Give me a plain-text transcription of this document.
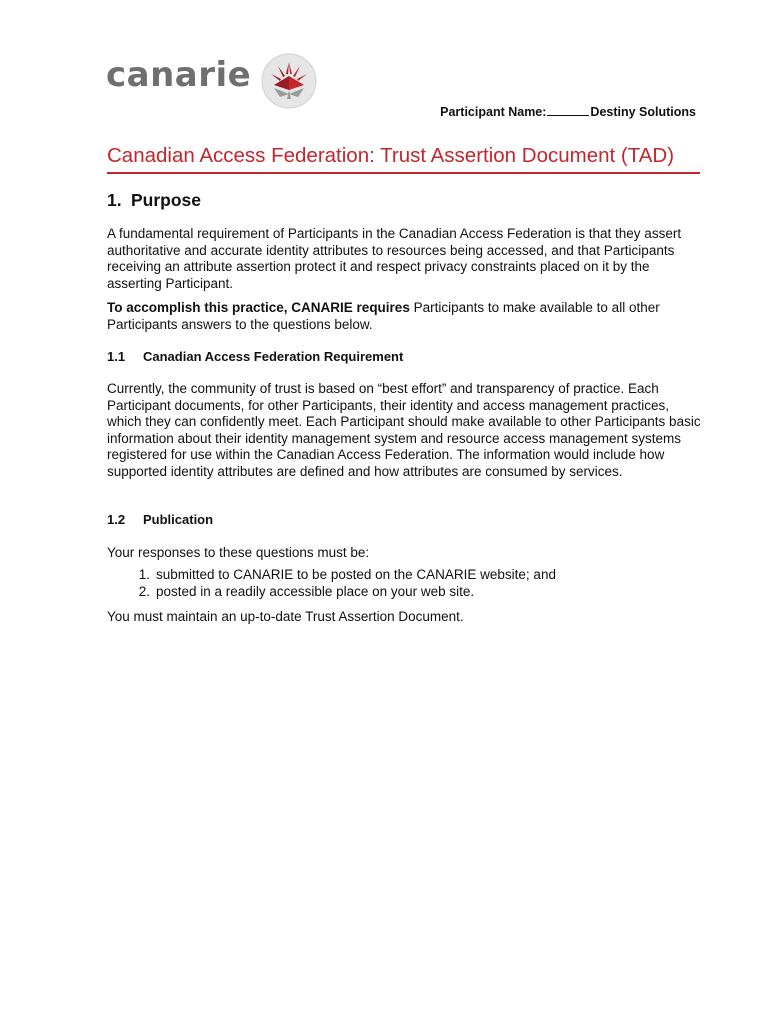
canarie
Participant Name:	Destiny Solutions
Canadian Access Federation: Trust Assertion Document (TAD)
1. Purpose

A fundamental requirement of Participants in the Canadian Access Federation is that they assert authoritative and accurate identity attributes to resources being accessed, and that Participants receiving an attribute assertion protect it and respect privacy constraints placed on it by the asserting Participant.

To accomplish this practice, CANARIE requires Participants to make available to all other Participants answers to the questions below.

1.1 Canadian Access Federation Requirement

Currently, the community of trust is based on “best effort” and transparency of practice. Each Participant documents, for other Participants, their identity and access management practices, which they can confidently meet. Each Participant should make available to other Participants basic information about their identity management system and resource access management systems registered for use within the Canadian Access Federation. The information would include how supported identity attributes are defined and how attributes are consumed by services.

1.2 Publication

Your responses to these questions must be:

1 . submitted to CANARIE to be posted on the CANARIE website; and
2 . posted in a readily accessible place on your web site.

You must maintain an up-to-date Trust Assertion Document.
